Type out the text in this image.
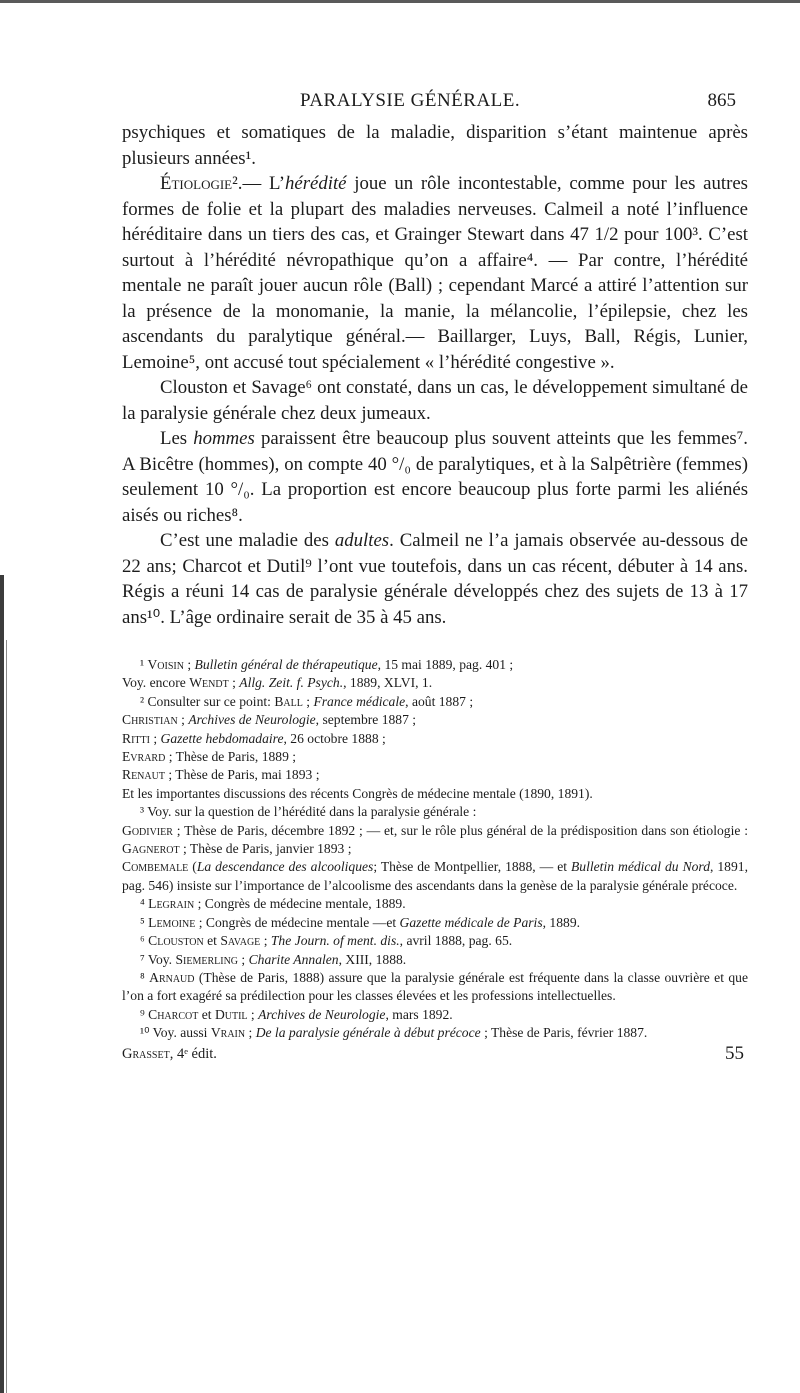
PARALYSIE GÉNÉRALE.	865

psychiques et somatiques de la maladie, disparition s’étant maintenue après plusieurs années¹.

Étiologie².— L’hérédité joue un rôle incontestable, comme pour les autres formes de folie et la plupart des maladies nerveuses. Calmeil a noté l’influence héréditaire dans un tiers des cas, et Grainger Stewart dans 47 1/2 pour 100³. C’est surtout à l’hérédité névropathique qu’on a affaire⁴. — Par contre, l’hérédité mentale ne paraît jouer aucun rôle (Ball) ; cependant Marcé a attiré l’attention sur la présence de la monomanie, la manie, la mélancolie, l’épilepsie, chez les ascendants du paralytique général.— Baillarger, Luys, Ball, Régis, Lunier, Lemoine⁵, ont accusé tout spécialement « l’hérédité congestive ».

Clouston et Savage⁶ ont constaté, dans un cas, le développement simultané de la paralysie générale chez deux jumeaux.

Les hommes paraissent être beaucoup plus souvent atteints que les femmes⁷. A Bicêtre (hommes), on compte 40 °/₀ de paralytiques, et à la Salpêtrière (femmes) seulement 10 °/₀. La proportion est encore beaucoup plus forte parmi les aliénés aisés ou riches⁸.

C’est une maladie des adultes. Calmeil ne l’a jamais observée au-dessous de 22 ans; Charcot et Dutil⁹ l’ont vue toutefois, dans un cas récent, débuter à 14 ans. Régis a réuni 14 cas de paralysie générale développés chez des sujets de 13 à 17 ans¹⁰. L’âge ordinaire serait de 35 à 45 ans.

¹ Voisin ; Bulletin général de thérapeutique, 15 mai 1889, pag. 401 ;

Voy. encore Wendt ; Allg. Zeit. f. Psych., 1889, XLVI, 1.

² Consulter sur ce point: Ball ; France médicale, août 1887 ;

Christian ; Archives de Neurologie, septembre 1887 ;

Ritti ; Gazette hebdomadaire, 26 octobre 1888 ;

Evrard ; Thèse de Paris, 1889 ;

Renaut ; Thèse de Paris, mai 1893 ;

Et les importantes discussions des récents Congrès de médecine mentale (1890, 1891).

³ Voy. sur la question de l’hérédité dans la paralysie générale :

Godivier ; Thèse de Paris, décembre 1892 ; — et, sur le rôle plus général de la prédisposition dans son étiologie : Gagnerot ; Thèse de Paris, janvier 1893 ;

Combemale (La descendance des alcooliques; Thèse de Montpellier, 1888, — et Bulletin médical du Nord, 1891, pag. 546) insiste sur l’importance de l’alcoolisme des ascendants dans la genèse de la paralysie générale précoce.

⁴ Legrain ; Congrès de médecine mentale, 1889.

⁵ Lemoine ; Congrès de médecine mentale —et Gazette médicale de Paris, 1889.

⁶ Clouston et Savage ; The Journ. of ment. dis., avril 1888, pag. 65.

⁷ Voy. Siemerling ; Charite Annalen, XIII, 1888.

⁸ Arnaud (Thèse de Paris, 1888) assure que la paralysie générale est fréquente dans la classe ouvrière et que l’on a fort exagéré sa prédilection pour les classes élevées et les professions intellectuelles.

⁹ Charcot et Dutil ; Archives de Neurologie, mars 1892.

¹⁰ Voy. aussi Vrain ; De la paralysie générale à début précoce ; Thèse de Paris, février 1887.

Grasset, 4ᵉ édit.	55
